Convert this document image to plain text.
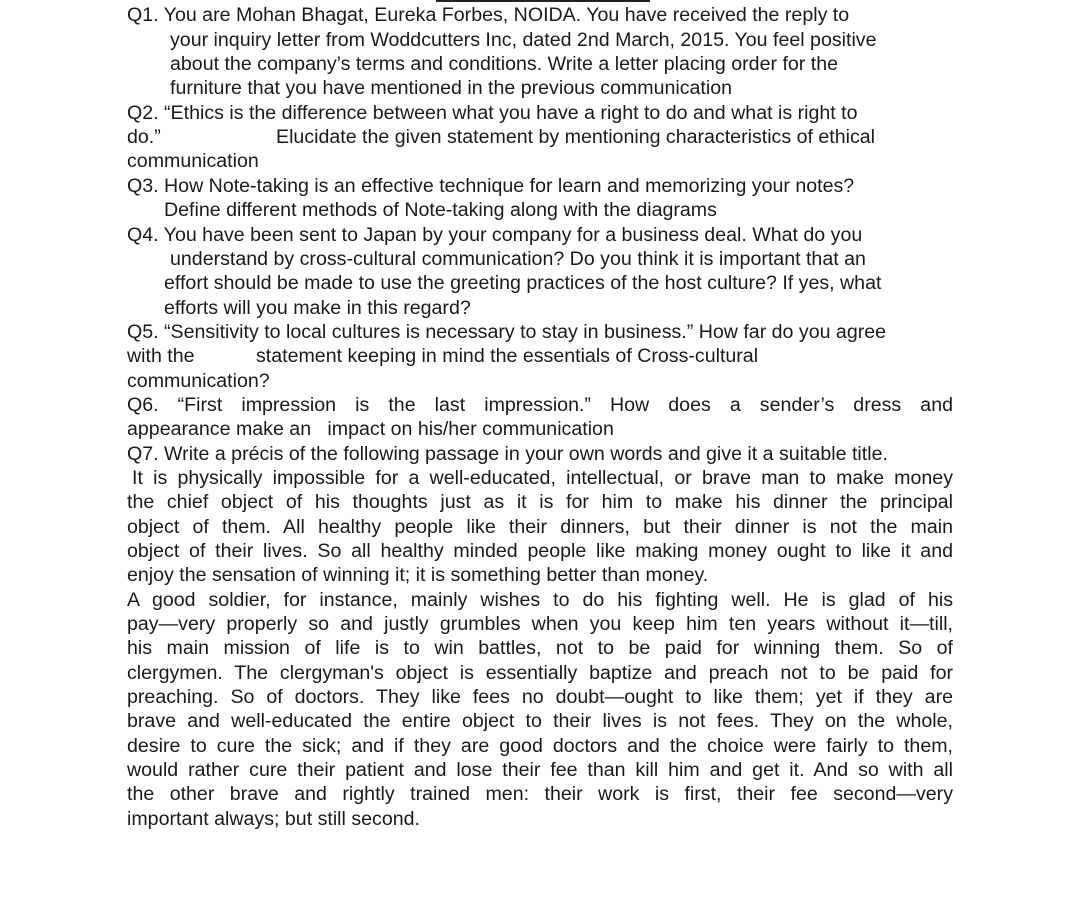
Q1. You are Mohan Bhagat, Eureka Forbes, NOIDA. You have received the reply to
your inquiry letter from Woddcutters Inc, dated 2nd March, 2015. You feel positive
about the company’s terms and conditions. Write a letter placing order for the
furniture that you have mentioned in the previous communication
Q2. “Ethics is the difference between what you have a right to do and what is right to
do.”	Elucidate the given statement by mentioning characteristics of ethical
communication
Q3. How Note-taking is an effective technique for learn and memorizing your notes?
Define different methods of Note-taking along with the diagrams
Q4. You have been sent to Japan by your company for a business deal. What do you
understand by cross-cultural communication? Do you think it is important that an
effort should be made to use the greeting practices of the host culture? If yes, what
efforts will you make in this regard?
Q5. “Sensitivity to local cultures is necessary to stay in business.” How far do you agree
with the	statement keeping in mind the essentials of Cross-cultural
communication?
Q6. “First impression is the last impression.” How does a sender’s dress and
appearance make an   impact on his/her communication
Q7. Write a précis of the following passage in your own words and give it a suitable title.
It is physically impossible for a well-educated, intellectual, or brave man to make money
the chief object of his thoughts just as it is for him to make his dinner the principal
object of them. All healthy people like their dinners, but their dinner is not the main
object of their lives. So all healthy minded people like making money ought to like it and
enjoy the sensation of winning it; it is something better than money.
A good soldier, for instance, mainly wishes to do his fighting well. He is glad of his
pay—very properly so and justly grumbles when you keep him ten years without it—till,
his main mission of life is to win battles, not to be paid for winning them. So of
clergymen. The clergyman's object is essentially baptize and preach not to be paid for
preaching. So of doctors. They like fees no doubt—ought to like them; yet if they are
brave and well-educated the entire object to their lives is not fees. They on the whole,
desire to cure the sick; and if they are good doctors and the choice were fairly to them,
would rather cure their patient and lose their fee than kill him and get it. And so with all
the other brave and rightly trained men: their work is first, their fee second—very
important always; but still second.
